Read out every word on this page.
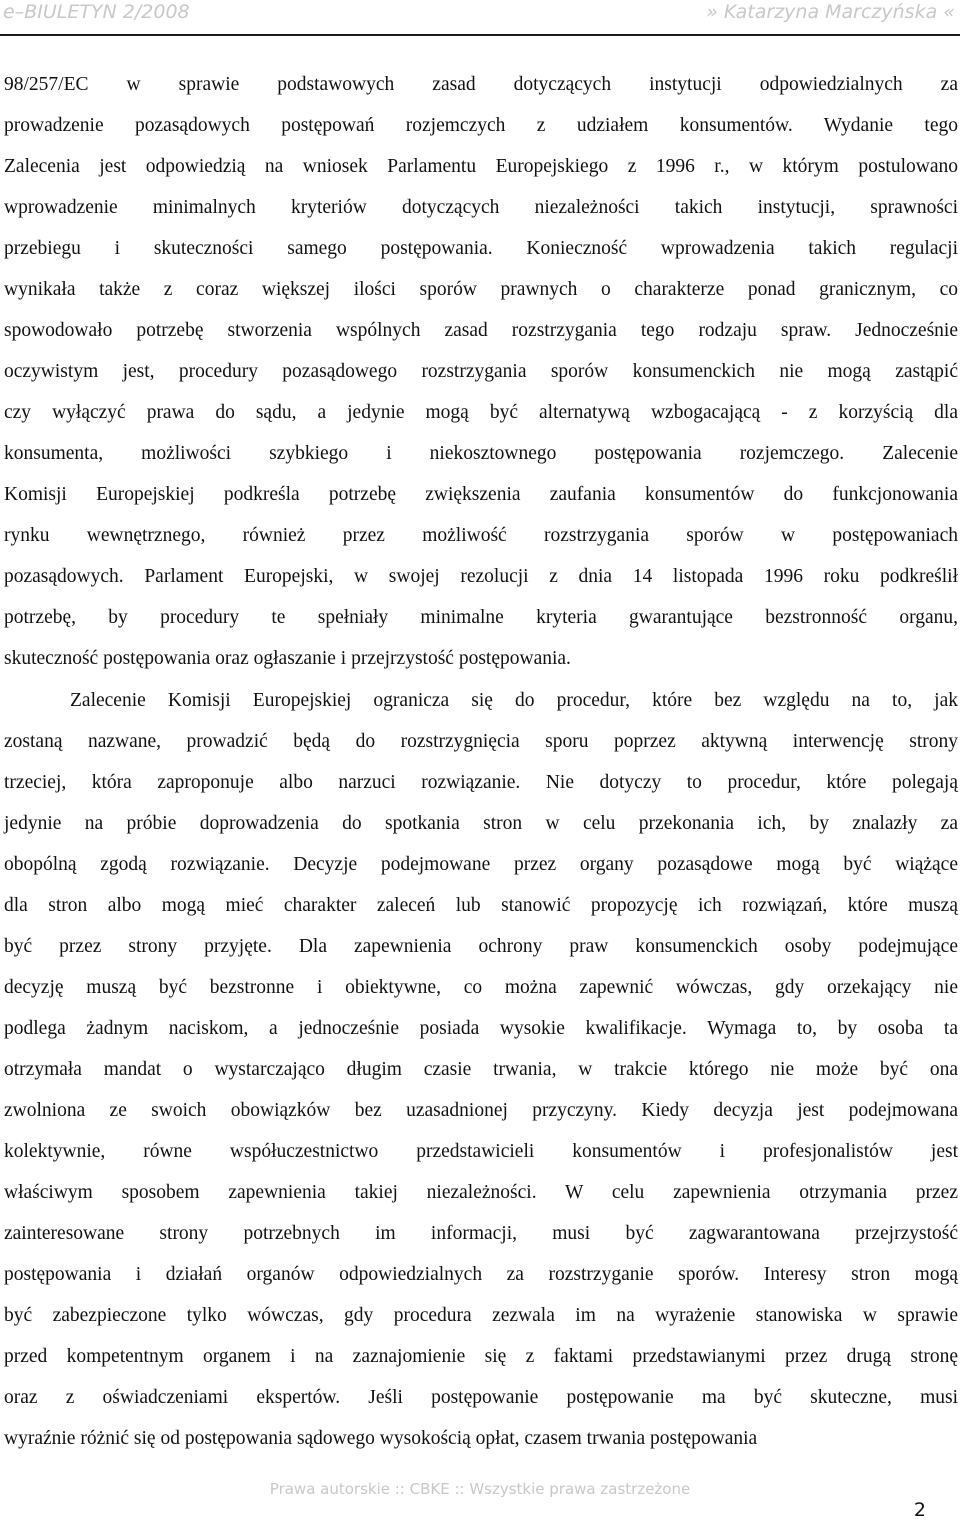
e–BIULETYN 2/2008	» Katarzyna Marczyńska «
98/257/EC w sprawie podstawowych zasad dotyczących instytucji odpowiedzialnych za
prowadzenie pozasądowych postępowań rozjemczych z udziałem konsumentów. Wydanie tego
Zalecenia jest odpowiedzią na wniosek Parlamentu Europejskiego z 1996 r., w którym postulowano
wprowadzenie minimalnych kryteriów dotyczących niezależności takich instytucji, sprawności
przebiegu i skuteczności samego postępowania. Konieczność wprowadzenia takich regulacji
wynikała także z coraz większej ilości sporów prawnych o charakterze ponad granicznym, co
spowodowało potrzebę stworzenia wspólnych zasad rozstrzygania tego rodzaju spraw. Jednocześnie
oczywistym jest, procedury pozasądowego rozstrzygania sporów konsumenckich nie mogą zastąpić
czy wyłączyć prawa do sądu, a jedynie mogą być alternatywą wzbogacającą - z korzyścią dla
konsumenta, możliwości szybkiego i niekosztownego postępowania rozjemczego. Zalecenie
Komisji Europejskiej podkreśla potrzebę zwiększenia zaufania konsumentów do funkcjonowania
rynku wewnętrznego, również przez możliwość rozstrzygania sporów w postępowaniach
pozasądowych. Parlament Europejski, w swojej rezolucji z dnia 14 listopada 1996 roku podkreślił
potrzebę, by procedury te spełniały minimalne kryteria gwarantujące bezstronność organu,
skuteczność postępowania oraz ogłaszanie i przejrzystość postępowania.
Zalecenie Komisji Europejskiej ogranicza się do procedur, które bez względu na to, jak
zostaną nazwane, prowadzić będą do rozstrzygnięcia sporu poprzez aktywną interwencję strony
trzeciej, która zaproponuje albo narzuci rozwiązanie. Nie dotyczy to procedur, które polegają
jedynie na próbie doprowadzenia do spotkania stron w celu przekonania ich, by znalazły za
obopólną zgodą rozwiązanie. Decyzje podejmowane przez organy pozasądowe mogą być wiążące
dla stron albo mogą mieć charakter zaleceń lub stanowić propozycję ich rozwiązań, które muszą
być przez strony przyjęte. Dla zapewnienia ochrony praw konsumenckich osoby podejmujące
decyzję muszą być bezstronne i obiektywne, co można zapewnić wówczas, gdy orzekający nie
podlega żadnym naciskom, a jednocześnie posiada wysokie kwalifikacje. Wymaga to, by osoba ta
otrzymała mandat o wystarczająco długim czasie trwania, w trakcie którego nie może być ona
zwolniona ze swoich obowiązków bez uzasadnionej przyczyny. Kiedy decyzja jest podejmowana
kolektywnie, równe współuczestnictwo przedstawicieli konsumentów i profesjonalistów jest
właściwym sposobem zapewnienia takiej niezależności. W celu zapewnienia otrzymania przez
zainteresowane strony potrzebnych im informacji, musi być zagwarantowana przejrzystość
postępowania i działań organów odpowiedzialnych za rozstrzyganie sporów. Interesy stron mogą
być zabezpieczone tylko wówczas, gdy procedura zezwala im na wyrażenie stanowiska w sprawie
przed kompetentnym organem i na zaznajomienie się z faktami przedstawianymi przez drugą stronę
oraz z oświadczeniami ekspertów. Jeśli postępowanie postępowanie ma być skuteczne, musi
wyraźnie różnić się od postępowania sądowego wysokością opłat, czasem trwania postępowania
Prawa autorskie :: CBKE :: Wszystkie prawa zastrzeżone
2
